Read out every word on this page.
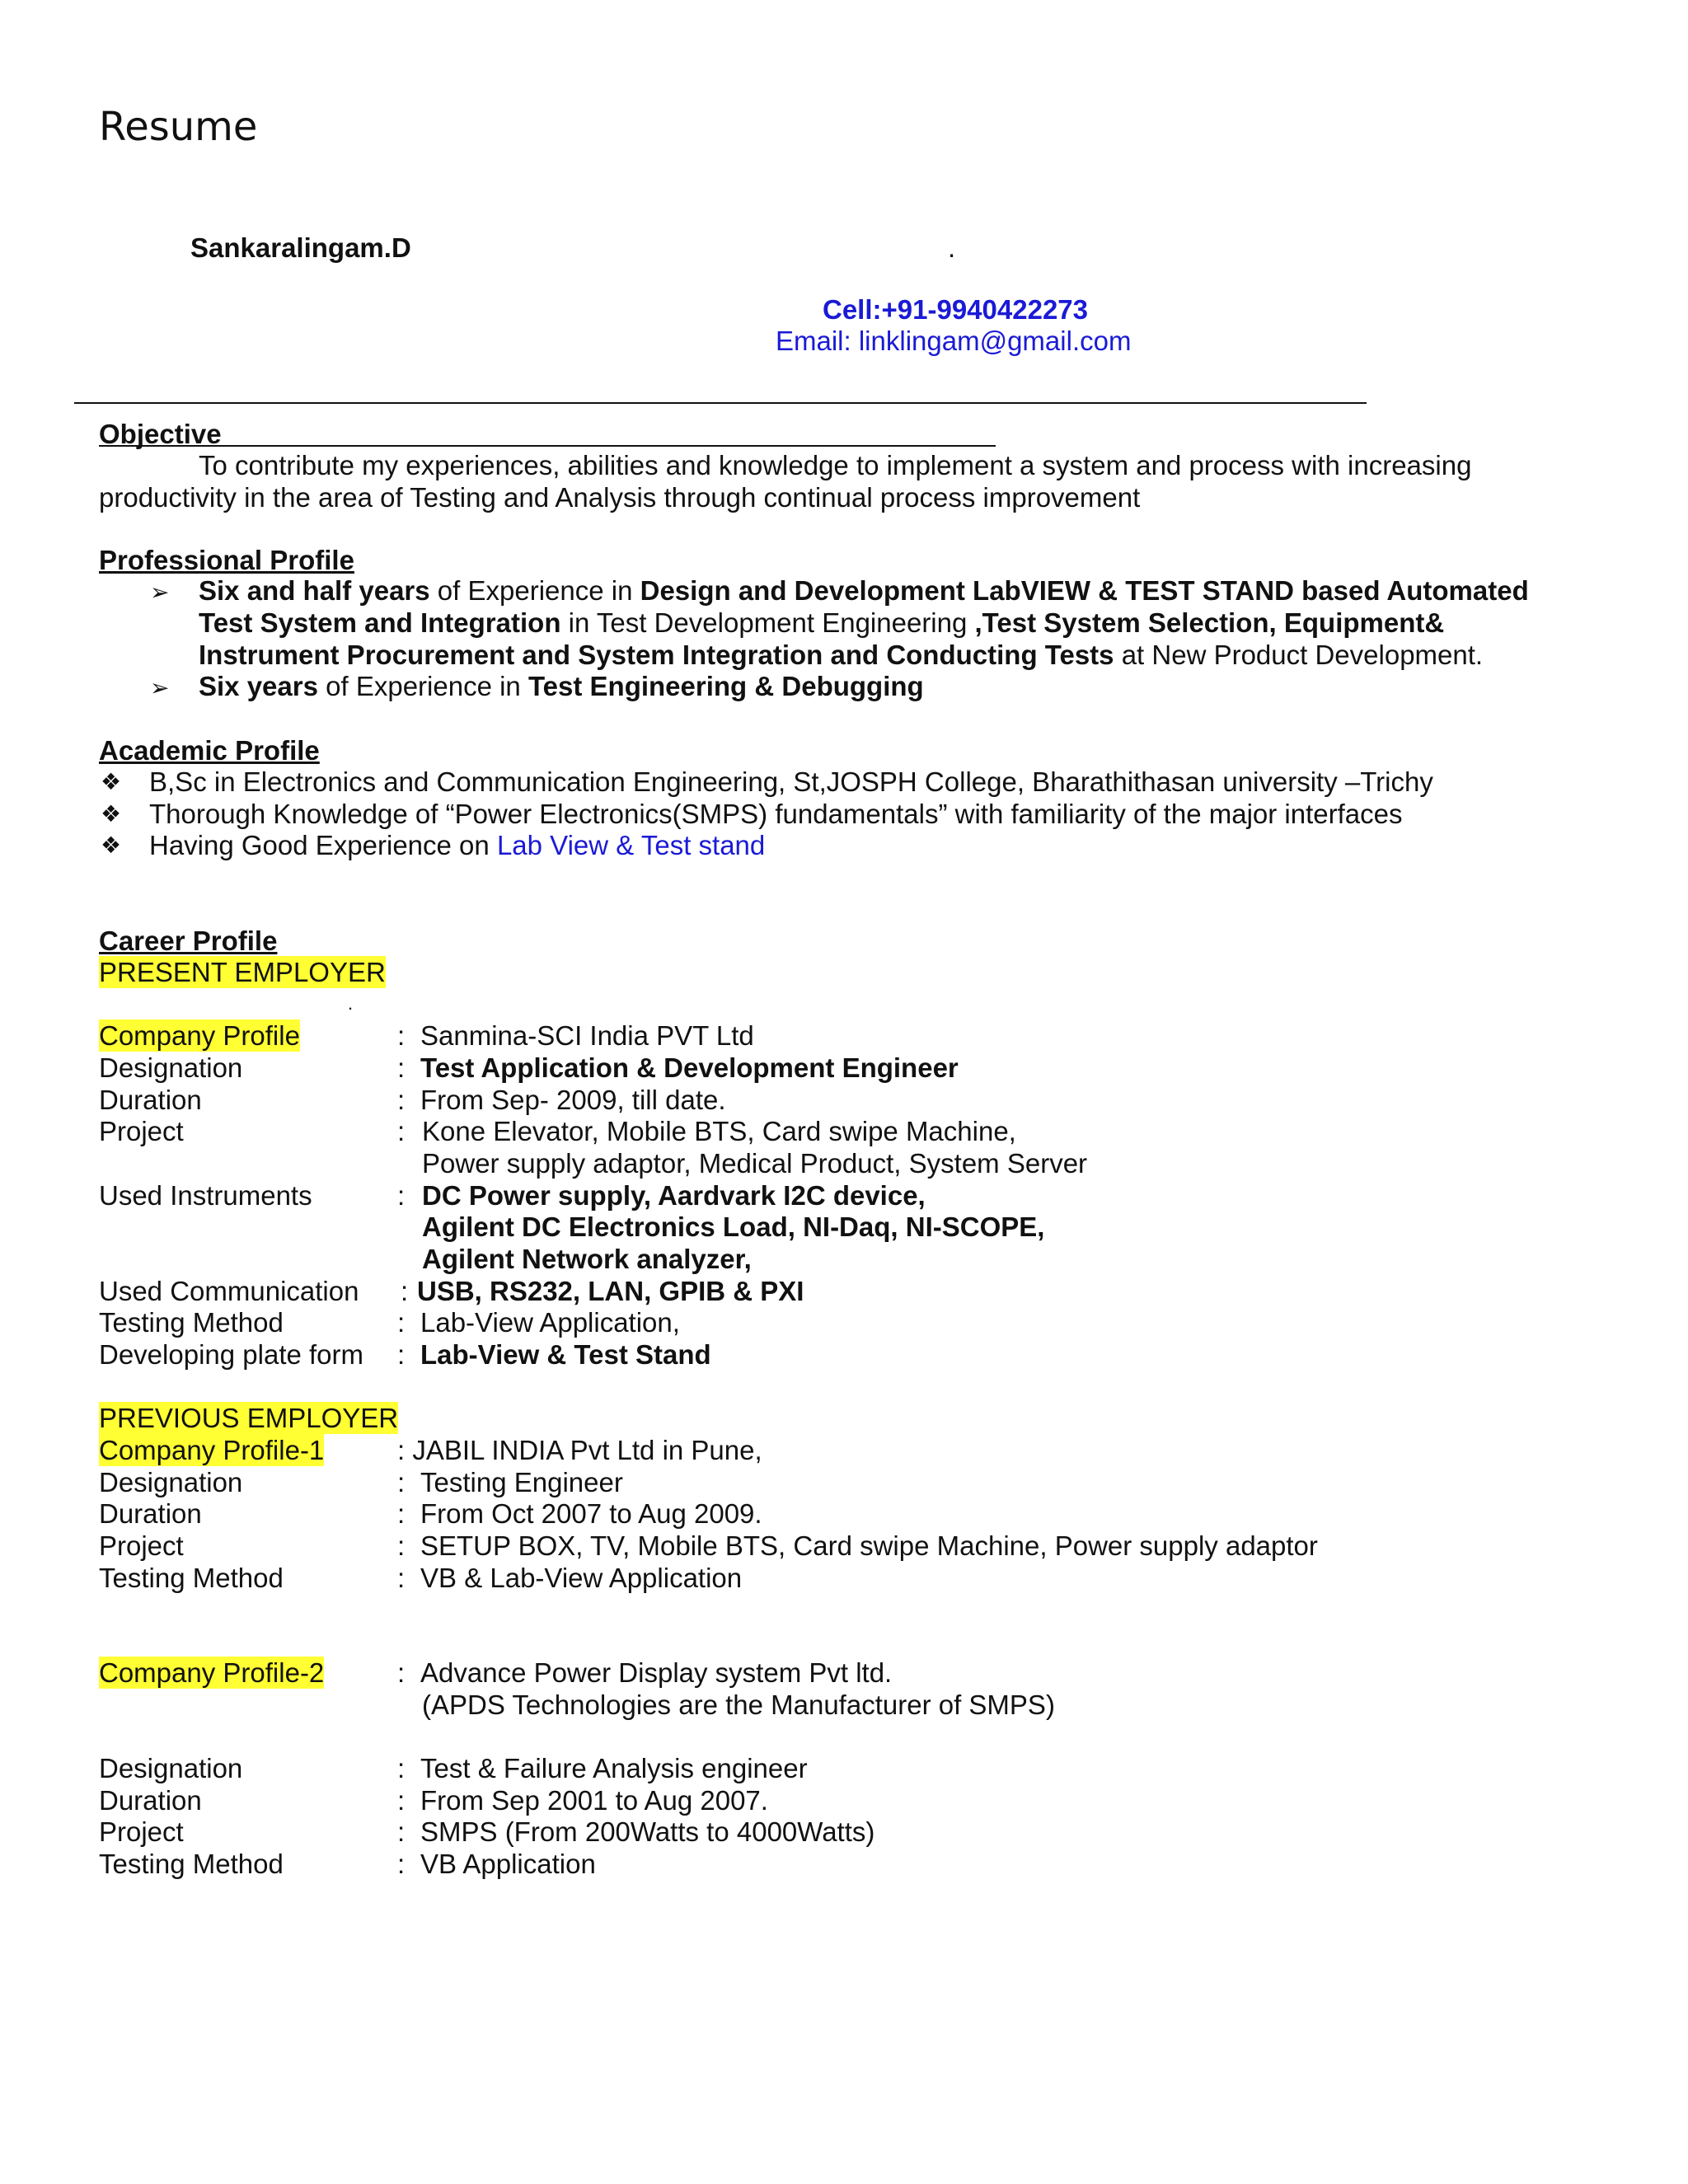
Resume
Sankaralingam.D	.
Cell:+91-9940422273
Email: linklingam@gmail.com
Objective
To contribute my experiences, abilities and knowledge to implement a system and process with increasing
productivity in the area of Testing and Analysis through continual process improvement
Professional Profile
➢ Six and half years of Experience in Design and Development LabVIEW & TEST STAND based Automated
Test System and Integration in Test Development Engineering ,Test System Selection, Equipment&
Instrument Procurement and System Integration and Conducting Tests at New Product Development.
➢ Six years of Experience in Test Engineering & Debugging
Academic Profile
❖ B,Sc in Electronics and Communication Engineering, St,JOSPH College, Bharathithasan university –Trichy
❖ Thorough Knowledge of “Power Electronics(SMPS) fundamentals” with familiarity of the major interfaces
❖ Having Good Experience on Lab View & Test stand
Career Profile
PRESENT EMPLOYER
.
Company Profile	: Sanmina-SCI India PVT Ltd
Designation	: Test Application & Development Engineer
Duration	: From Sep- 2009, till date.
Project	: Kone Elevator, Mobile BTS, Card swipe Machine,
Power supply adaptor, Medical Product, System Server
Used Instruments	: DC Power supply, Aardvark I2C device,
Agilent DC Electronics Load, NI-Daq, NI-SCOPE,
Agilent Network analyzer,
Used Communication : USB, RS232, LAN, GPIB & PXI
Testing Method	: Lab-View Application,
Developing plate form : Lab-View & Test Stand
PREVIOUS EMPLOYER
Company Profile-1	: JABIL INDIA Pvt Ltd in Pune,
Designation	: Testing Engineer
Duration	: From Oct 2007 to Aug 2009.
Project	: SETUP BOX, TV, Mobile BTS, Card swipe Machine, Power supply adaptor
Testing Method	: VB & Lab-View Application
Company Profile-2	: Advance Power Display system Pvt ltd.
(APDS Technologies are the Manufacturer of SMPS)
Designation	: Test & Failure Analysis engineer
Duration	: From Sep 2001 to Aug 2007.
Project	: SMPS (From 200Watts to 4000Watts)
Testing Method	: VB Application
